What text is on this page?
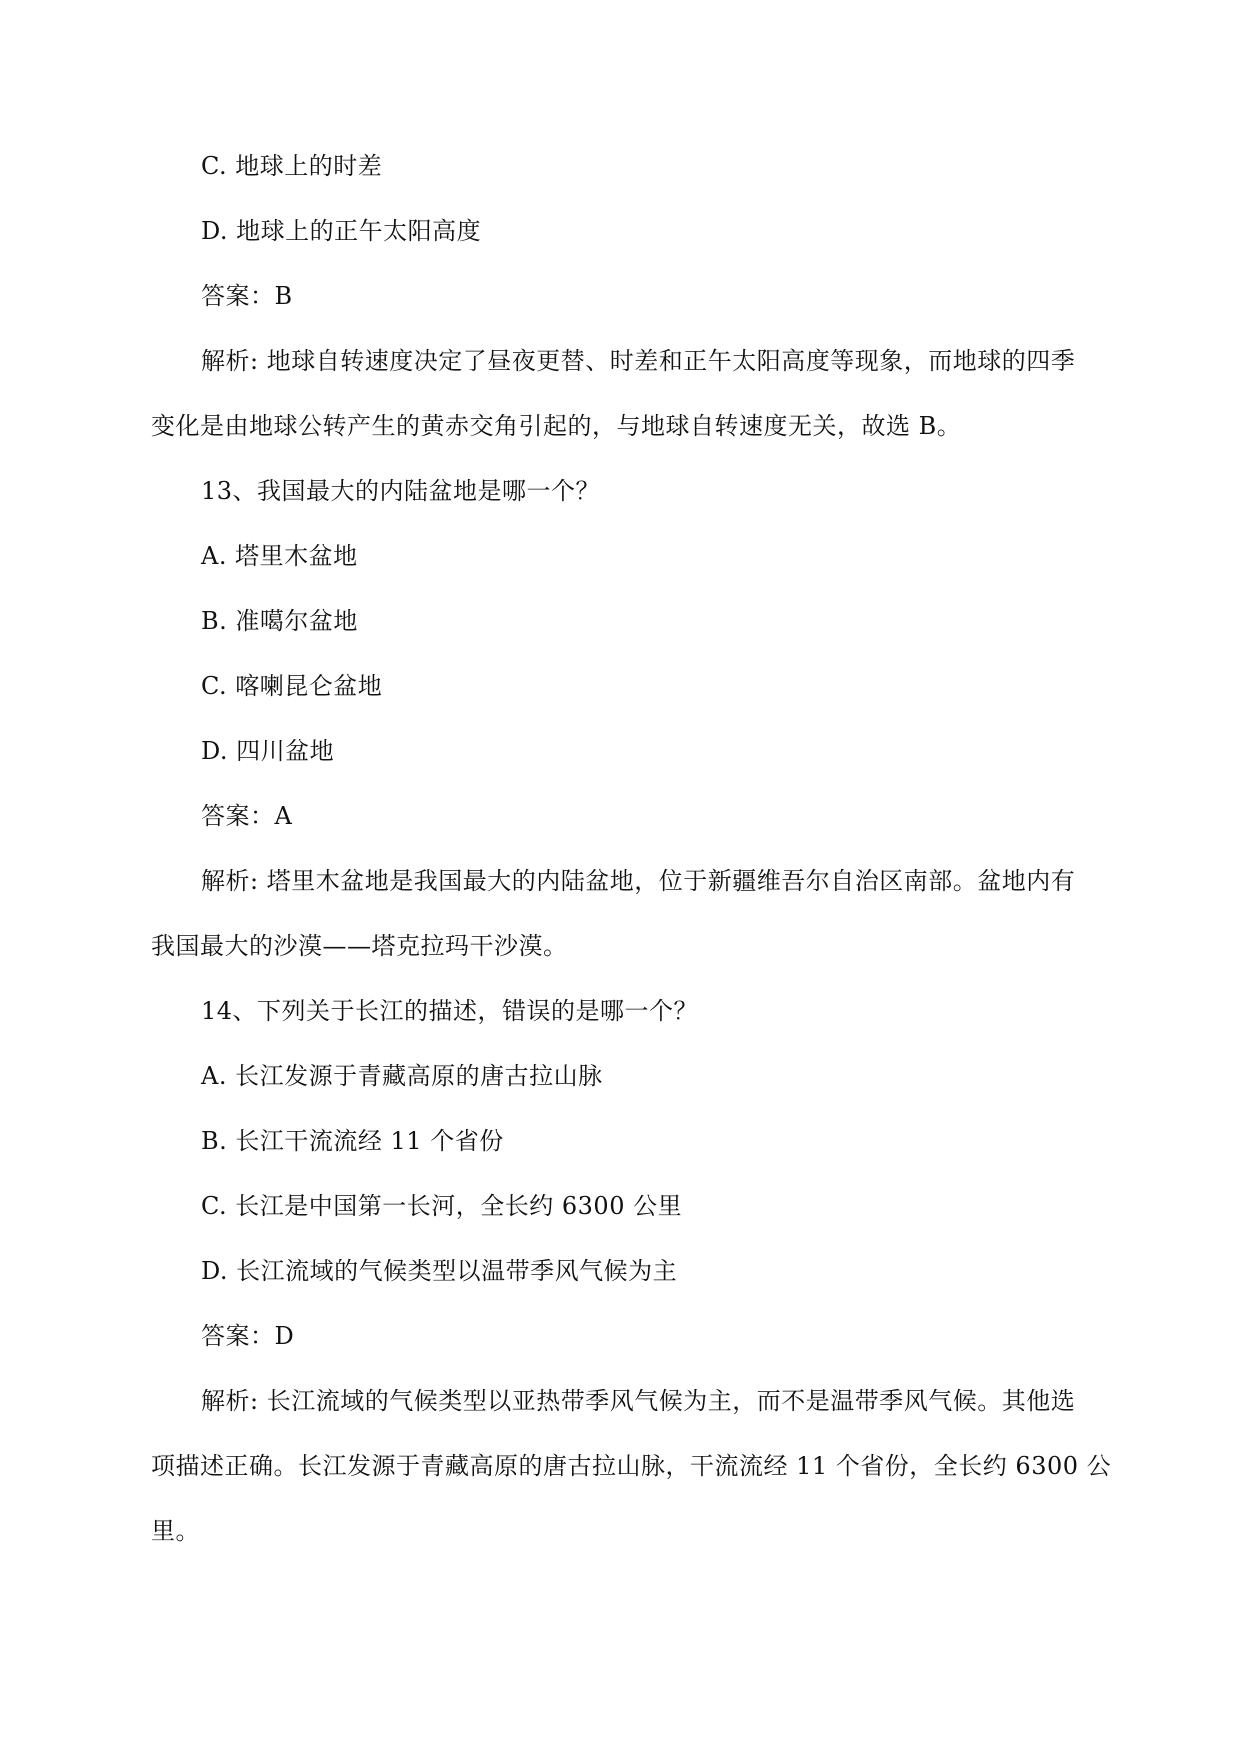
C. 地球上的时差
D. 地球上的正午太阳高度
答案：B
解析: 地球自转速度决定了昼夜更替、时差和正午太阳高度等现象，而地球的四季
变化是由地球公转产生的黄赤交角引起的，与地球自转速度无关，故选 B。
13、我国最大的内陆盆地是哪一个？
A. 塔里木盆地
B. 准噶尔盆地
C. 喀喇昆仑盆地
D. 四川盆地
答案：A
解析: 塔里木盆地是我国最大的内陆盆地，位于新疆维吾尔自治区南部。盆地内有
我国最大的沙漠——塔克拉玛干沙漠。
14、下列关于长江的描述，错误的是哪一个？
A. 长江发源于青藏高原的唐古拉山脉
B. 长江干流流经 11 个省份
C. 长江是中国第一长河，全长约 6300 公里
D. 长江流域的气候类型以温带季风气候为主
答案：D
解析: 长江流域的气候类型以亚热带季风气候为主，而不是温带季风气候。其他选
项描述正确。长江发源于青藏高原的唐古拉山脉，干流流经 11 个省份，全长约 6300 公
里。
